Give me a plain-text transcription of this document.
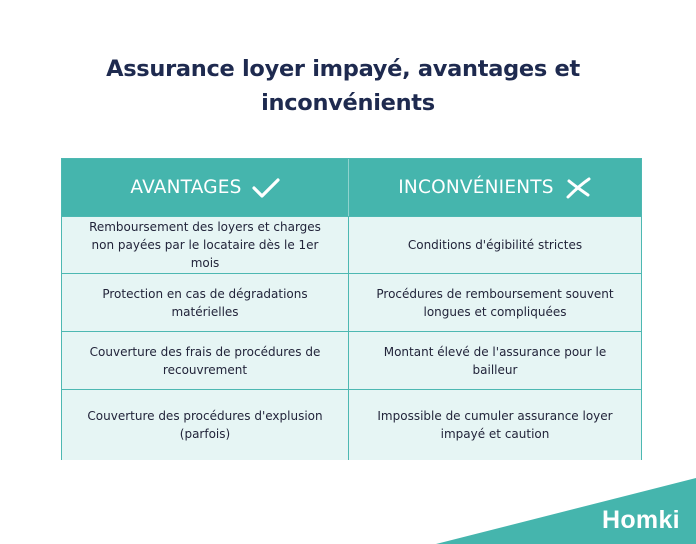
Assurance loyer impayé, avantages et
inconvénients
AVANTAGES	INCONVÉNIENTS
Remboursement des loyers et charges non payées par le locataire dès le 1er mois
Conditions d'égibilité strictes
Protection en cas de dégradations matérielles
Procédures de remboursement souvent longues et compliquées
Couverture des frais de procédures de recouvrement
Montant élevé de l'assurance pour le bailleur
Couverture des procédures d'explusion (parfois)
Impossible de cumuler assurance loyer impayé et caution
Homki
